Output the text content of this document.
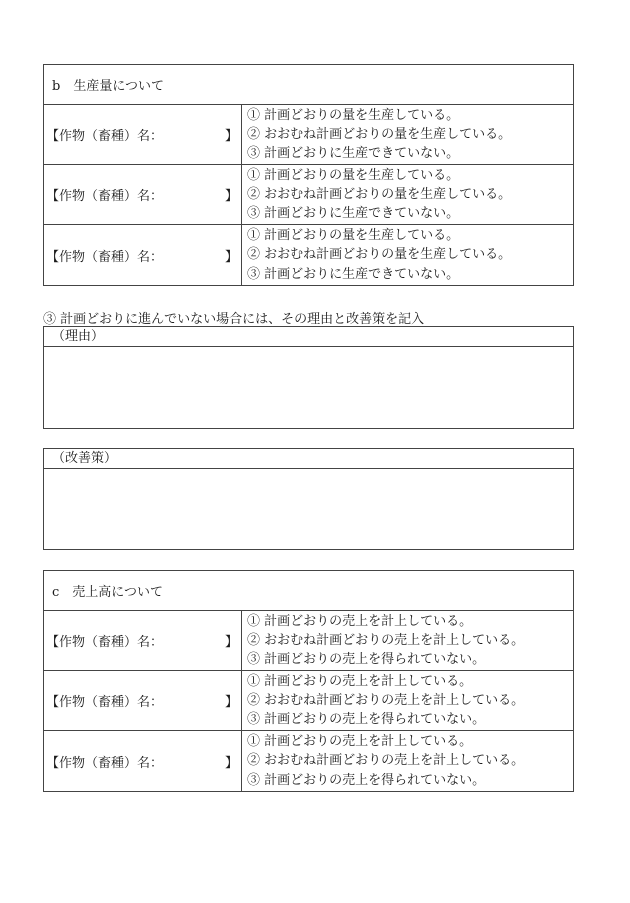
b　生産量について
【作物（畜種）名：	】
① 計画どおりの量を生産している。
② おおむね計画どおりの量を生産している。
③ 計画どおりに生産できていない。
【作物（畜種）名：	】
① 計画どおりの量を生産している。
② おおむね計画どおりの量を生産している。
③ 計画どおりに生産できていない。
【作物（畜種）名：	】
① 計画どおりの量を生産している。
② おおむね計画どおりの量を生産している。
③ 計画どおりに生産できていない。
③ 計画どおりに進んでいない場合には、その理由と改善策を記入
（理由）
（改善策）
c　売上高について
【作物（畜種）名：	】
① 計画どおりの売上を計上している。
② おおむね計画どおりの売上を計上している。
③ 計画どおりの売上を得られていない。
【作物（畜種）名：	】
① 計画どおりの売上を計上している。
② おおむね計画どおりの売上を計上している。
③ 計画どおりの売上を得られていない。
【作物（畜種）名：	】
① 計画どおりの売上を計上している。
② おおむね計画どおりの売上を計上している。
③ 計画どおりの売上を得られていない。
